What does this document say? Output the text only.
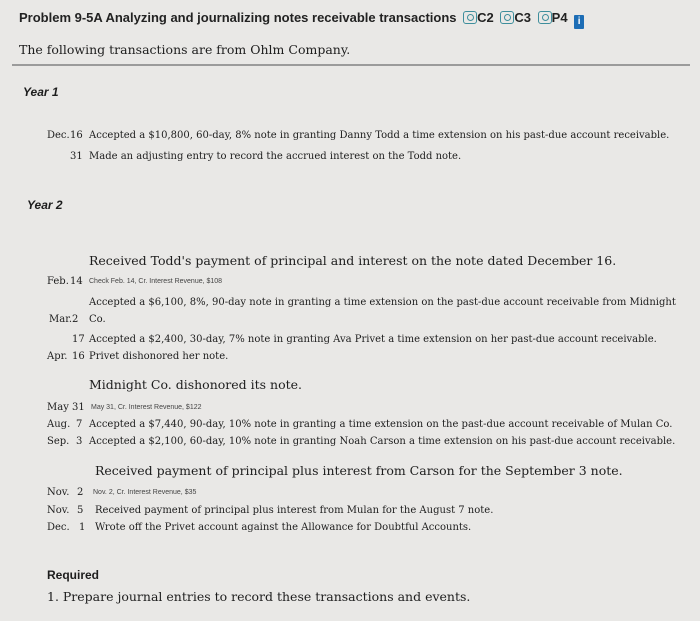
Problem 9-5A Analyzing and journalizing notes receivable transactions C2 C3 P4 i
The following transactions are from Ohlm Company.
Year 1
Dec. 16 Accepted a $10,800, 60-day, 8% note in granting Danny Todd a time extension on his past-due account receivable.
31 Made an adjusting entry to record the accrued interest on the Todd note.
Year 2
Received Todd's payment of principal and interest on the note dated December 16.
Feb. 14 Check Feb. 14, Cr. Interest Revenue, $108
Accepted a $6,100, 8%, 90-day note in granting a time extension on the past-due account receivable from Midnight
Mar. 2 Co.
17 Accepted a $2,400, 30-day, 7% note in granting Ava Privet a time extension on her past-due account receivable.
Apr. 16 Privet dishonored her note.
Midnight Co. dishonored its note.
May 31 May 31, Cr. Interest Revenue, $122
Aug. 7 Accepted a $7,440, 90-day, 10% note in granting a time extension on the past-due account receivable of Mulan Co.
Sep. 3 Accepted a $2,100, 60-day, 10% note in granting Noah Carson a time extension on his past-due account receivable.
Received payment of principal plus interest from Carson for the September 3 note.
Nov. 2 Nov. 2, Cr. Interest Revenue, $35
Nov. 5 Received payment of principal plus interest from Mulan for the August 7 note.
Dec. 1 Wrote off the Privet account against the Allowance for Doubtful Accounts.
Required
1. Prepare journal entries to record these transactions and events.
